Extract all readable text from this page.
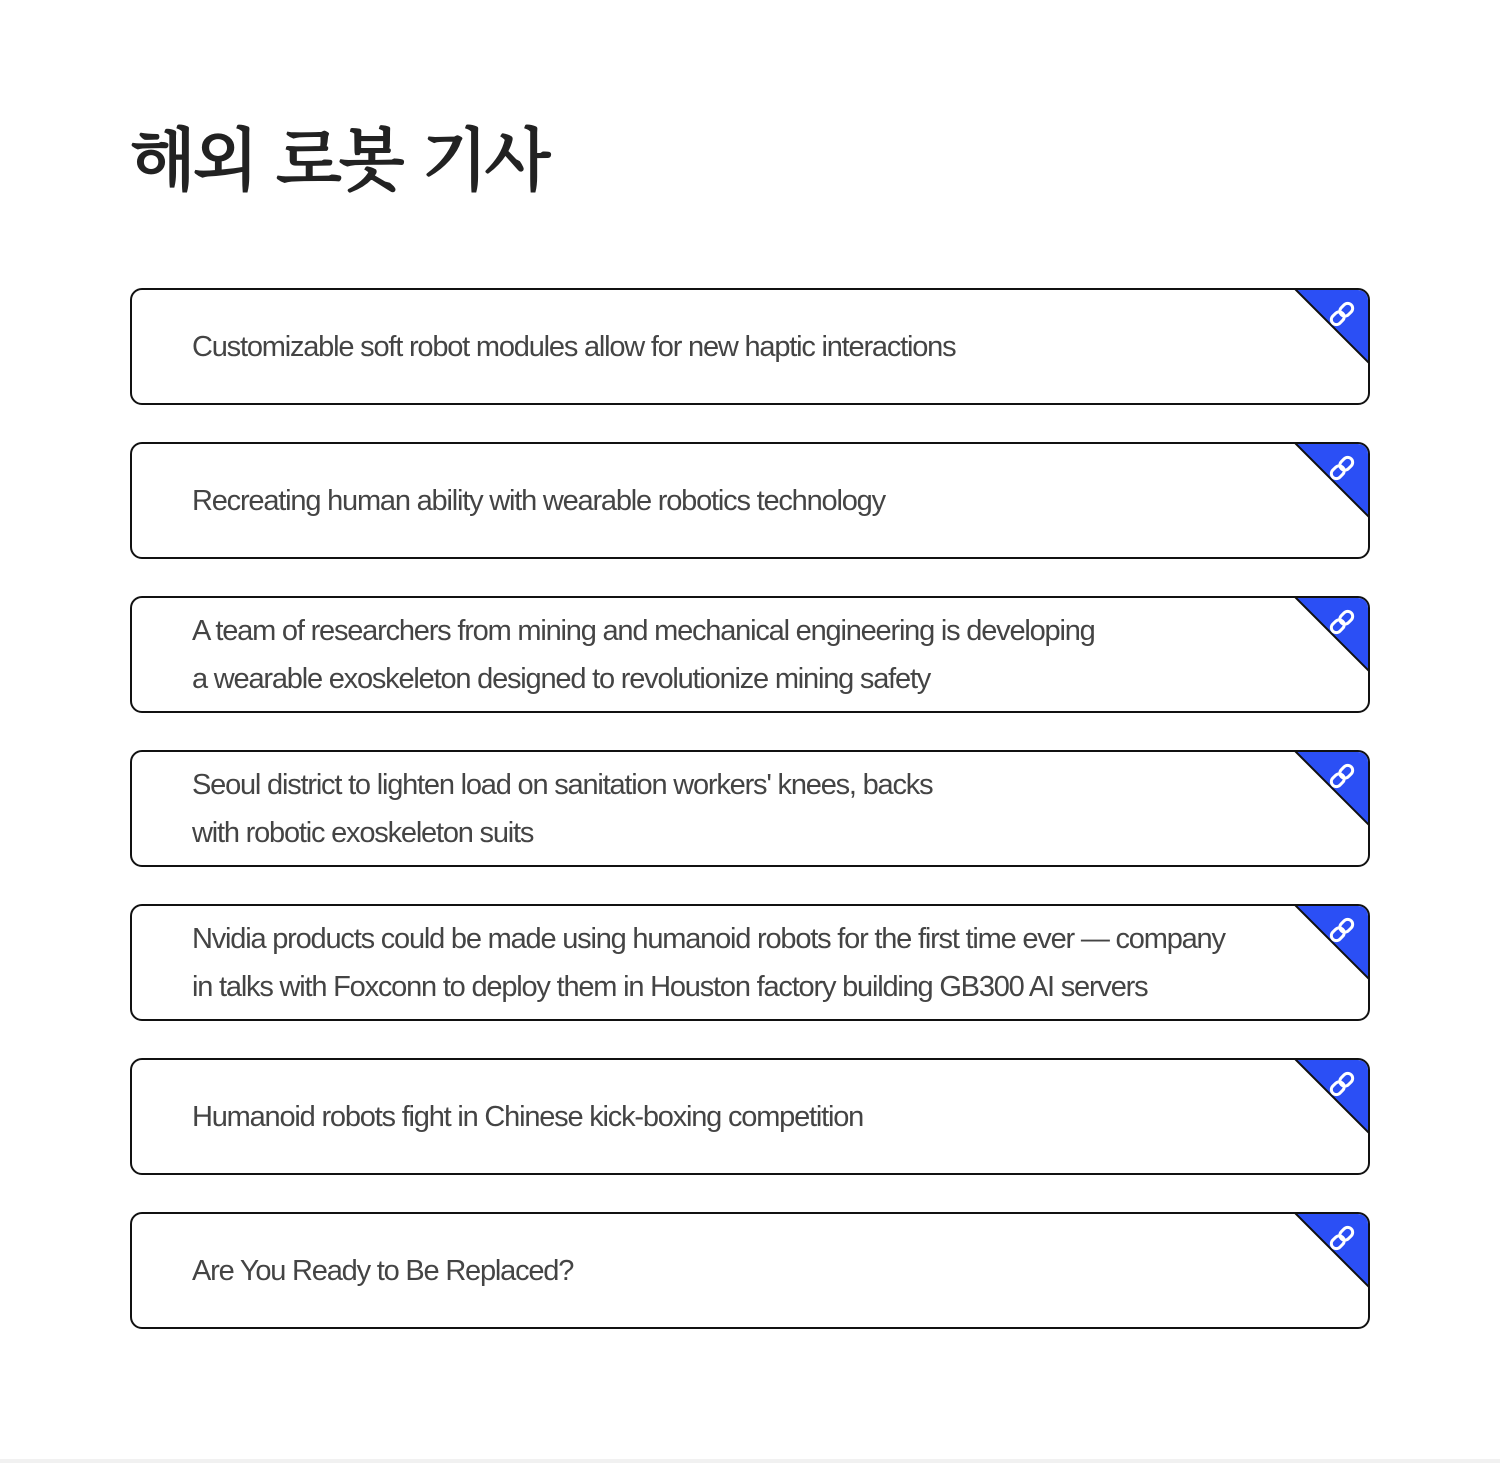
해외 로봇 기사
Customizable soft robot modules allow for new haptic interactions
Recreating human ability with wearable robotics technology
A team of researchers from mining and mechanical engineering is developing
a wearable exoskeleton designed to revolutionize mining safety
Seoul district to lighten load on sanitation workers' knees, backs
with robotic exoskeleton suits
Nvidia products could be made using humanoid robots for the first time ever — company
in talks with Foxconn to deploy them in Houston factory building GB300 AI servers
Humanoid robots fight in Chinese kick-boxing competition
Are You Ready to Be Replaced?
